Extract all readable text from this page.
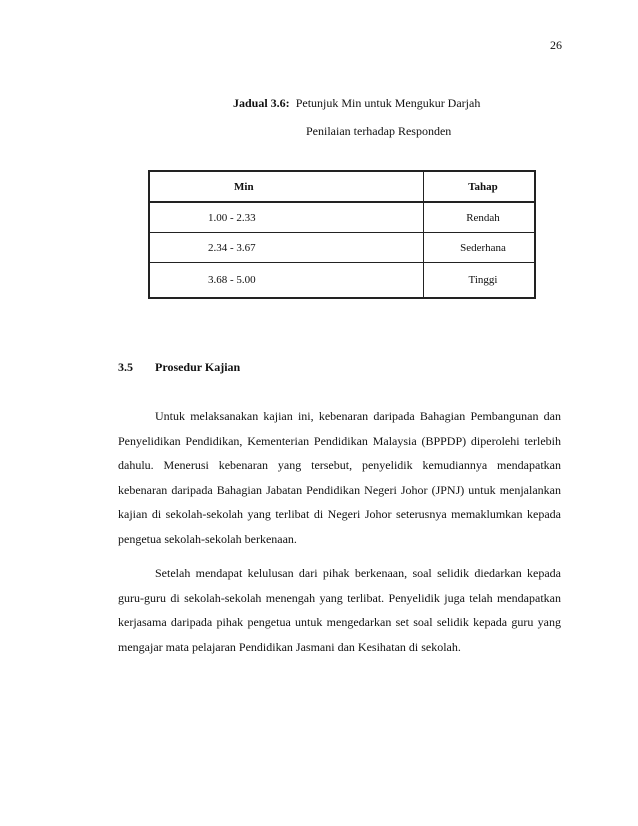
26
Jadual 3.6: Petunjuk Min untuk Mengukur Darjah
Penilaian terhadap Responden
Min	Tahap
1.00 - 2.33	Rendah
2.34 - 3.67	Sederhana
3.68 - 5.00	Tinggi
3.5 Prosedur Kajian

Untuk melaksanakan kajian ini, kebenaran daripada Bahagian Pembangunan dan Penyelidikan Pendidikan, Kementerian Pendidikan Malaysia (BPPDP) diperolehi terlebih dahulu. Menerusi kebenaran yang tersebut, penyelidik kemudiannya mendapatkan kebenaran daripada Bahagian Jabatan Pendidikan Negeri Johor (JPNJ) untuk menjalankan kajian di sekolah-sekolah yang terlibat di Negeri Johor seterusnya memaklumkan kepada pengetua sekolah-sekolah berkenaan.

Setelah mendapat kelulusan dari pihak berkenaan, soal selidik diedarkan kepada guru-guru di sekolah-sekolah menengah yang terlibat. Penyelidik juga telah mendapatkan kerjasama daripada pihak pengetua untuk mengedarkan set soal selidik kepada guru yang mengajar mata pelajaran Pendidikan Jasmani dan Kesihatan di sekolah.
